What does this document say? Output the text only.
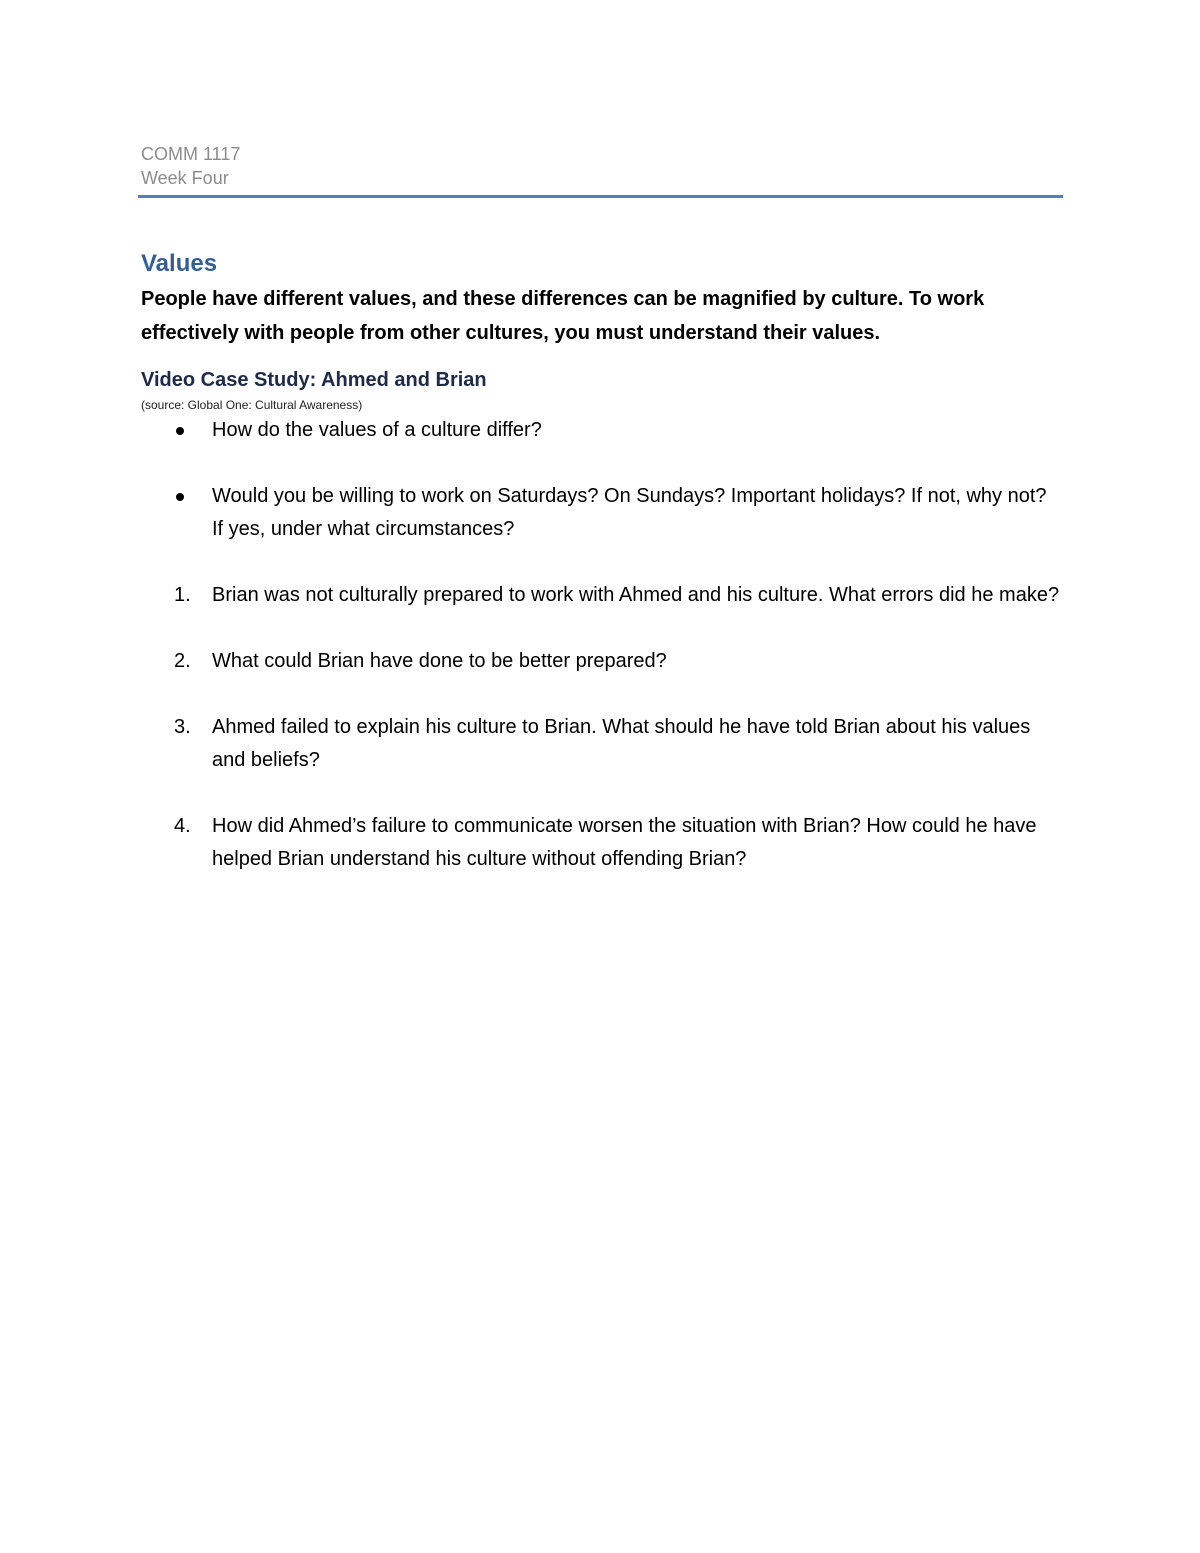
COMM 1117
Week Four
Values

People have different values, and these differences can be magnified by culture. To work effectively with people from other cultures, you must understand their values.

Video Case Study: Ahmed and Brian
(source: Global One: Cultural Awareness)
How do the values of a culture differ?
Would you be willing to work on Saturdays? On Sundays? Important holidays? If not, why not? If yes, under what circumstances?
1. Brian was not culturally prepared to work with Ahmed and his culture. What errors did he make?
2. What could Brian have done to be better prepared?
3. Ahmed failed to explain his culture to Brian. What should he have told Brian about his values and beliefs?
4. How did Ahmed’s failure to communicate worsen the situation with Brian? How could he have helped Brian understand his culture without offending Brian?
